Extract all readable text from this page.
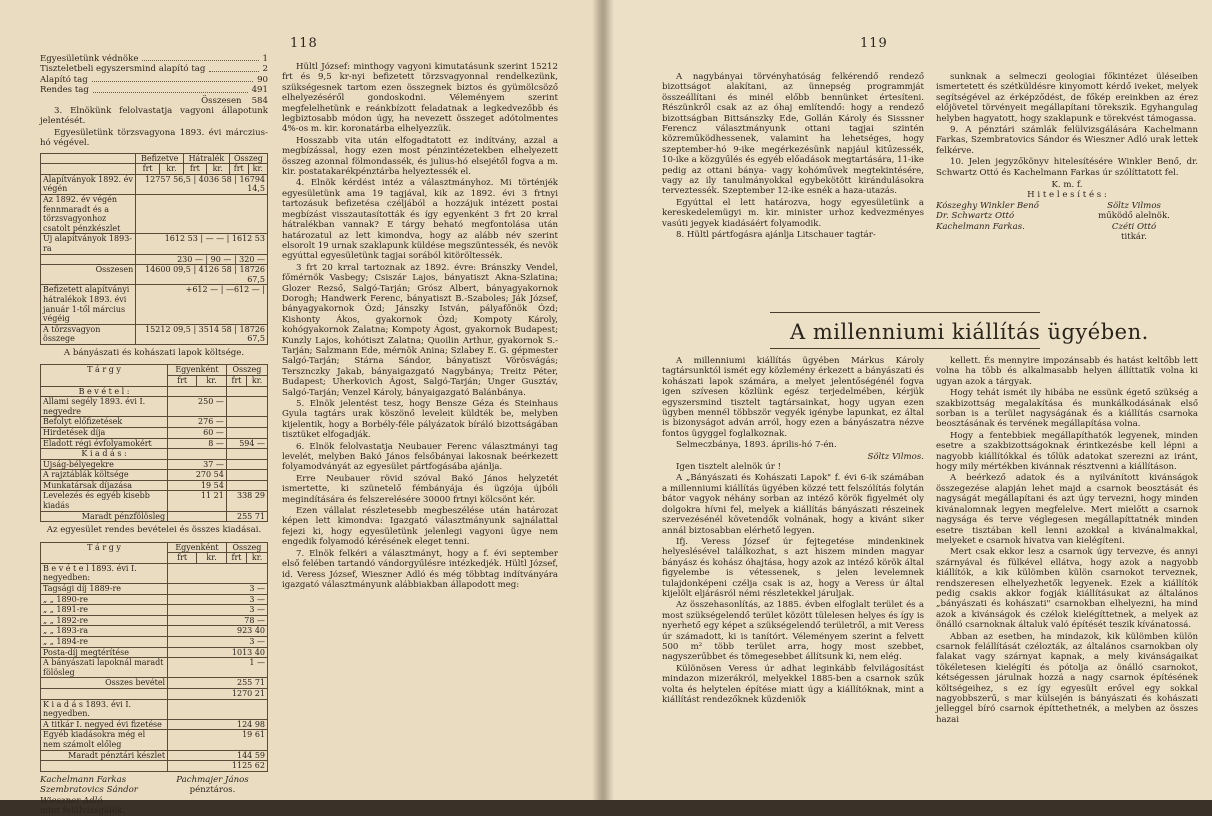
118
Egyesületünk védnöke	1
Tiszteletbeli egyszersmind alapító tag	2
Alapító tag	90
Rendes tag	491
Összesen 584

3. Elnökünk felolvastatja vagyoni állapotunk jelentését.

Egyesületünk törzsvagyona 1893. évi márczius-hó végével.

	Befizetve		Hátralék		Összeg	
	frt	kr.	frt	kr.	frt	kr.
Alapítványok 1892. év végén	12757 56,5 | 4036 58 | 16794 14,5					
Az 1892. év végén fennmaradt és a törzsvagyonhoz csatolt pénzkészlet						
Új alapítványok 1893-ra	1612 53 | — — | 1612 53					
	230 — | 90 — | 320 —					
Összesen	14600 09,5 | 4126 58 | 18726 67,5					
Befizetett alapítványi hátralékok 1893. évi január 1-től március végéig	+612 — | —612 — |					
A törzsvagyon összege	15212 09,5 | 3514 58 | 18726 67,5					
A bányászati és kohászati lapok költsége.
T á r g y	Egyenként		Összeg	
	frt	kr.	frt	kr.
B e v é t e l :				
Állami segély 1893. évi I. negyedre	250 —			
Befolyt előfizetések	276 —			
Hirdetések díja	60 —			
Eladott régi évfolyamokért	8 —		594 —	
K i a d á s :				
Ujság-bélyegekre	37 —			
A rajztáblák költsége	270 54			
Munkatársak díjazása	19 54			
Levelezés és egyéb kisebb kiadás	11 21		338 29	
Maradt pénzfölösleg			255 71	
Az egyesület rendes bevételei és összes kiadásai.
T á r g y	Egyenként		Összeg	
	frt	kr.	frt	kr.
B e v é t e l 1893. évi I. negyedben:				
Tagsági díj 1889-re	3 —			
„ „ 1890-re	3 —			
„ „ 1891-re	3 —			
„ „ 1892-re	78 —			
„ „ 1893-ra	923 40			
„ „ 1894-re	3 —			
Posta-díj megtérítése	1013 40			
A bányászati lapoknál maradt fölösleg	1 —			
Összes bevétel	255 71			
	1270 21			
K i a d á s 1893. évi I. negyedben.				
A titkár I. negyed évi fizetése	124 98			
Egyéb kiadásokra még el nem számolt előleg	19 61			
Maradt pénztári készlet	144 59			
	1125 62			
Kachelmann Farkas
Szembratovics Sándor
Wieszner Adló
mint felülvizsgálók.
Pachmajer János
pénztáros.

Hültl József: minthogy vagyoni kimutatásunk szerint 15212 frt és 9,5 kr-nyi befizetett törzsvagyonnal rendelkezünk, szükségesnek tartom ezen összegnek biztos és gyümölcsöző elhelyezéséről gondoskodni. Véleményem szerint megfelelhetünk e reánkbízott feladatnak a legkedvezőbb és legbiztosabb módon úgy, ha nevezett összeget adótolmentes 4%-os m. kir. koronatárba elhelyezzük.

Hosszabb vita után elfogadtatott ez indítvány, azzal a megbízással, hogy ezen most pénzintézetekben elhelyezett összeg azonnal fölmondassék, és julius-hó elsejétől fogva a m. kir. postatakarékpénztárba helyeztessék el.

4. Elnök kérdést intéz a választmányhoz. Mi történjék egyesületünk ama 19 tagjával, kik az 1892. évi 3 frtnyi tartozásuk befizetésa czéljából a hozzájuk intézett postai megbízást visszautasították és így egyenként 3 frt 20 krral hátralékban vannak? E tárgy beható megfontolása után határozatul az lett kimondva, hogy az alább név szerint elsorolt 19 urnak szaklapunk küldése megszüntessék, és nevök egyúttal egyesületünk tagjai sorából kitöröltessék.

3 frt 20 krral tartoznak az 1892. évre: Bránszky Vendel, főmérnök Vasbegy; Csiszár Lajos, bányatiszt Akna-Szlatina; Glozer Rezső, Salgó-Tarján; Grósz Albert, bányagyakornok Dorogh; Handwerk Ferenc, bányatiszt B.-Szaboles; Ják József, bányagyakornok Ózd; Jánszky István, pályafőnök Ózd; Kishonty Ákos, gyakornok Ózd; Kompoty Károly, kohógyakornok Zalatna; Kompoty Ágost, gyakornok Budapest; Kunzly Lajos, kohótiszt Zalatna; Quoilin Arthur, gyakornok S.-Tarján; Salzmann Ede, mérnök Anina; Szlabey E. G. gépmester Salgó-Tarján; Stárna Sándor, bányatiszt Vörösvágás; Tersznczky Jakab, bányaigazgató Nagybánya; Treitz Péter, Budapest; Uherkovich Ágost, Salgó-Tarján; Unger Gusztáv, Salgó-Tarján; Venzel Károly, bányaigazgató Balánbánya.

5. Elnök jelentést tesz, hogy Bensze Géza és Steinhaus Gyula tagtárs urak köszönő leveleit küldték be, melyben kijelentik, hogy a Borbély-féle pályázatok bíráló bizottságában tisztüket elfogadják.

6. Elnök felolvastatja Neubauer Ferenc választmányi tag levelét, melyben Bakó János felsőbányai lakosnak beérkezett folyamodványát az egyesület pártfogásába ajánlja.

Erre Neubauer rövid szóval Bakó János helyzetét ismertette, ki szünetelő fémbányája és ügzója újbóli megindítására és felszerelésére 30000 frtnyi kölcsönt kér.

Ezen vállalat részletesebb megbeszélése után határozat képen lett kimondva: Igazgató választmányunk sajnálattal fejezi ki, hogy egyesületünk jelenlegi vagyoni ügye nem engedik folyamodó kérésének eleget tenni.

7. Elnök felkéri a választmányt, hogy a f. évi september első felében tartandó vándorgyűlésre intézkedjék. Hültl József, id. Veress József, Wieszner Adló és még többtag indítványára igazgató választmányunk alábbiakban állapodott meg:

119

A nagybányai törvényhatóság felkérendő rendező bizottságot alakítani, az ünnepség programmját összeállítani és minél előbb bennünket értesíteni. Részünkről csak az az óhaj említendő: hogy a rendező bizottságban Bittsánszky Ede, Gollán Károly és Sisssner Ferencz választmányunk ottani tagjai szintén közreműködhessenek, valamint ha lehetséges, hogy szeptember-hó 9-ike megérkezésünk napjául kitűzessék, 10-ike a közgyűlés és egyéb előadások megtartására, 11-ike pedig az ottani bánya- vagy kohóművek megtekintésére, vagy az ily tanulmányokkal egybekötött kirándulásokra terveztessék. Szeptember 12-ike esnék a haza-utazás.

Egyúttal el lett határozva, hogy egyesületünk a kereskedelemügyi m. kir. minister urhoz kedvezményes vasúti jegyek kiadásáért folyamodik.

8. Hültl pártfogásra ajánlja Litschauer tagtár-

sunknak a selmeczi geologiai főkintézet üléseiben ismertetett és szétküldésre kinyomott kérdő iveket, melyek segítségével az érképződést, de főkép ereinkben az érez előjövetel törvényeit megállapítani törekszik. Egyhangulag helyben hagyatott, hogy szaklapunk e törekvést támogassa.

9. A pénztári számlák felülvizsgálására Kachelmann Farkas, Szembratovics Sándor és Wieszner Adló urak lettek felkérve.

10. Jelen jegyzőkönyv hitelesítésére Winkler Benő, dr. Schwartz Ottó és Kachelmann Farkas úr szólíttatott fel.

K. m. f.
H i t e l e s í t é s :
Kószeghy Winkler Benő
Dr. Schwartz Ottó
Kachelmann Farkas.
Söltz Vilmos
működő alelnök.
Czéti Ottó
titkár.
A millenniumi kiállítás ügyében.

A millenniumi kiállítás ügyében Márkus Károly tagtársunktól ismét egy közlemény érkezett a bányászati és kohászati lapok számára, a melyet jelentőségénél fogva igen szívesen közlünk egész terjedelmében, kérjük egyszersmind tisztelt tagtársainkat, hogy ugyan ezen ügyben mennél többször vegyék igénybe lapunkat, ez által is bizonyságot adván arról, hogy ezen a bányászatra nézve fontos ügyggel foglalkoznak.

Selmeczbánya, 1893. április-hó 7-én.

Söltz Vilmos.

Igen tisztelt alelnök úr !

A „Bányászati és Kohászati Lapok" f. évi 6-ik számában a millenniumi kiállítás ügyében közzé tett felszólítás folytán bátor vagyok néhány sorban az intéző körök figyelmét oly dolgokra hívni fel, melyek a kiállítás bányászati részeinek szervezésénél követendők volnának, hogy a kivánt siker annál biztosabban elérhető legyen.

Ifj. Veress József úr fejtegetése mindenkinek helyeslésével találkozhat, s azt hiszem minden magyar bányász és kohász óhajtása, hogy azok az intéző körök által figyelembe is vétessenek, s jelen levelemnek tulajdonképeni czélja csak is az, hogy a Veress úr által kijelölt eljárásról némi részletekkel járuljak.

Az összehasonlítás, az 1885. évben elfoglalt terület és a most szükségelendő terület között tülelesen helyes és így is nyerhető egy képet a szükségelendő területről, a mit Veress úr számadott, ki is tanítórt. Véleményem szerint a felvett 500 m² több terület arra, hogy most szebbet, nagyszerűbbet és tömegesebbet állítsunk ki, nem elég.

Különösen Veress úr adhat leginkább felvilágosítást mindazon mizerákról, melyekkel 1885-ben a csarnok szűk volta és helytelen építése miatt úgy a kiállítóknak, mint a kiállítást rendezőknek küzdeniök

kellett. És mennyire impozánsabb és hatást keltőbb lett volna ha több és alkalmasabb helyen állíttatik volna ki ugyan azok a tárgyak.

Hogy tehát ismét ily hibába ne essünk égető szükség a szakbizottság megalakítása és munkálkodásának első sorban is a terület nagyságának és a kiállítás csarnoka beosztásának és tervének megállapítása volna.

Hogy a fentebbiek megállapíthatók legyenek, minden esetre a szakbizottságoknak érintkezésbe kell lépni a nagyobb kiállítókkal és tőlük adatokat szerezni az iránt, hogy mily mértékben kivánnak résztvenni a kiállításon.

A beérkező adatok és a nyilvánított kivánságok összegezése alapján lehet majd a csarnok beosztását és nagyságát megállapítani és azt úgy tervezni, hogy minden kivánalomnak legyen megfelelve. Mert mielőtt a csarnok nagysága és terve véglegesen megállapíttatnék minden esetre tisztában kell lenni azokkal a kivánalmakkal, melyeket e csarnok hivatva van kielégíteni.

Mert csak ekkor lesz a csarnok úgy tervezve, és annyi szárnyával és fülkével ellátva, hogy azok a nagyobb kiállítók, a kik külömben külön csarnokot terveznek, rendszeresen elhelyezhetők legyenek. Ezek a kiállítók pedig csakis akkor fogják kiállításukat az általános „bányászati és kohászati" csarnokban elhelyezni, ha mind azok a kivánságok és czélok kielégíttetnek, a melyek az önálló csarnoknak általuk való építését teszik kívánatossá.

Abban az esetben, ha mindazok, kik külömben külön csarnok felállítását czélozták, az általános csarnokban oly falakat vagy szárnyat kapnak, a mely kivánságaikat tökéletesen kielégíti és pótolja az önálló csarnokot, kétségessen járulnak hozzá a nagy csarnok építésének költségeihez, s ez így egyesült erővel egy sokkal nagyobbszerű, s mar külsején is bányászati és kohászati jelleggel bíró csarnok építtethetnék, a melyben az összes hazai
